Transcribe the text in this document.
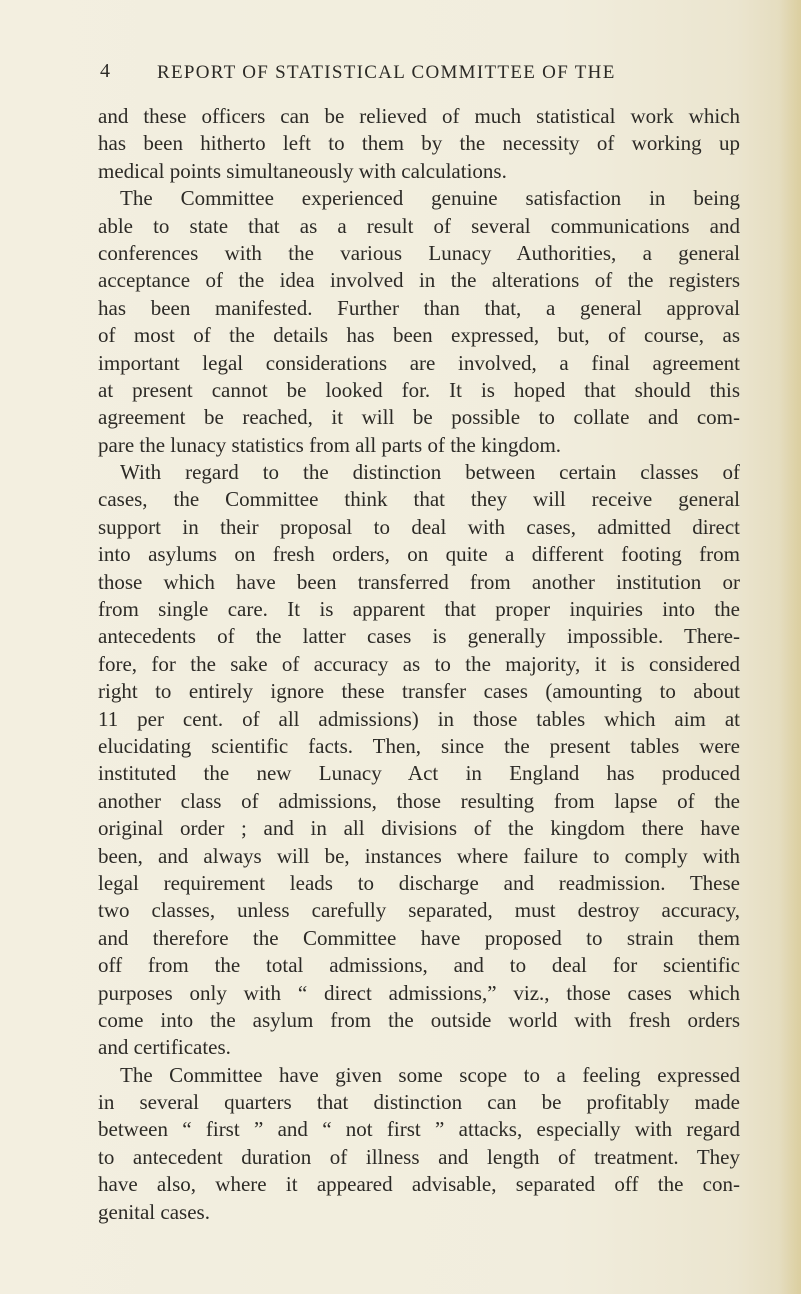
4 REPORT OF STATISTICAL COMMITTEE OF THE
and these officers can be relieved of much statistical work which
has been hitherto left to them by the necessity of working up
medical points simultaneously with calculations.
The Committee experienced genuine satisfaction in being
able to state that as a result of several communications and
conferences with the various Lunacy Authorities, a general
acceptance of the idea involved in the alterations of the registers
has been manifested. Further than that, a general approval
of most of the details has been expressed, but, of course, as
important legal considerations are involved, a final agreement
at present cannot be looked for. It is hoped that should this
agreement be reached, it will be possible to collate and com-
pare the lunacy statistics from all parts of the kingdom.
With regard to the distinction between certain classes of
cases, the Committee think that they will receive general
support in their proposal to deal with cases, admitted direct
into asylums on fresh orders, on quite a different footing from
those which have been transferred from another institution or
from single care. It is apparent that proper inquiries into the
antecedents of the latter cases is generally impossible. There-
fore, for the sake of accuracy as to the majority, it is considered
right to entirely ignore these transfer cases (amounting to about
11 per cent. of all admissions) in those tables which aim at
elucidating scientific facts. Then, since the present tables were
instituted the new Lunacy Act in England has produced
another class of admissions, those resulting from lapse of the
original order ; and in all divisions of the kingdom there have
been, and always will be, instances where failure to comply with
legal requirement leads to discharge and readmission. These
two classes, unless carefully separated, must destroy accuracy,
and therefore the Committee have proposed to strain them
off from the total admissions, and to deal for scientific
purposes only with “ direct admissions,” viz., those cases which
come into the asylum from the outside world with fresh orders
and certificates.
The Committee have given some scope to a feeling expressed
in several quarters that distinction can be profitably made
between “ first ” and “ not first ” attacks, especially with regard
to antecedent duration of illness and length of treatment. They
have also, where it appeared advisable, separated off the con-
genital cases.
